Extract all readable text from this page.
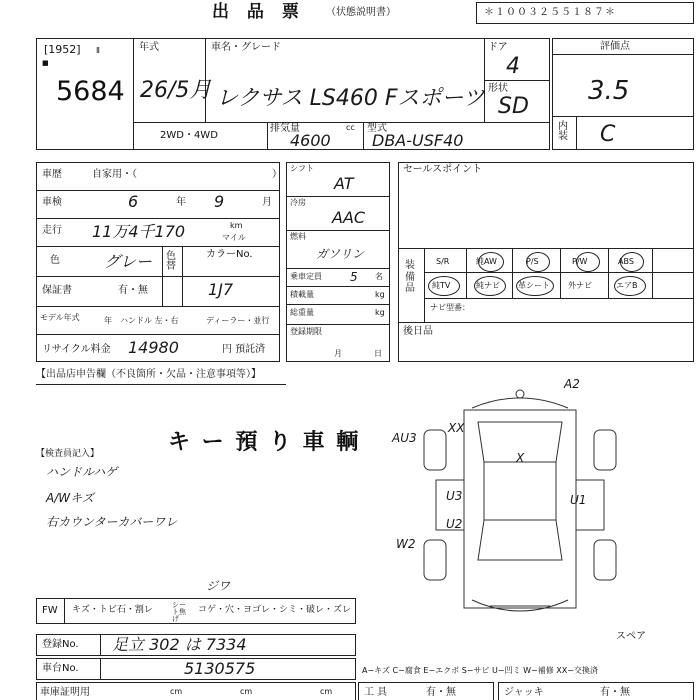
出 品 票 （状態説明書）	＊１００３２５５１８７＊
[1952] Ⅱ
■
5684
年式
26/5月
車名・グレード
レクサス LS460 Fスポーツ
ドア
4
形状
SD
2WD・4WD
排気量	cc
4600
型式
DBA-USF40
評価点
3.5
内装 C
車歴	自家用・（	）
車検	6	年 9	月
走行 11万4千170	km
マイル
色	グレー 色替
カラーNo.
1J7
保証書	有・無
モデル年式	年 ハンドル 左・右	ディーラー・並行
リサイクル料金 14980	円 預託済
シフト
AT
冷房
AAC
燃料
ガソリン
乗車定員 5 名
積載量	kg
総重量	kg
登録期限
月	日
セールスポイント
装備品
S/R	純AW	P/S	P/W	ABS
純TV	純ナビ 革シート 外ナビ	エアB
ナビ型番：
後日品
【出品店申告欄（不良箇所・欠品・注意事項等）】
【検査員記入】
ハンドルハゲ
A/Wキズ
右カウンターカバーワレ
キ ー 預 り 車 輌
A2
AU3
XX
X
U3	U1
U2
W2
スペア
FW キズ・トビ石・割レ	シート焦げ
コゲ・穴・ヨゴレ・シミ・破レ・ズレ
ジワ
登録No. 足立 302 は 7334
車台No.	5130575	A−キズ C−腐食 E−エクボ S−サビ U−凹ミ W−補修 XX−交換済
車庫証明用	cm	cm	cm	工 具	有・無	ジャッキ	有・無
